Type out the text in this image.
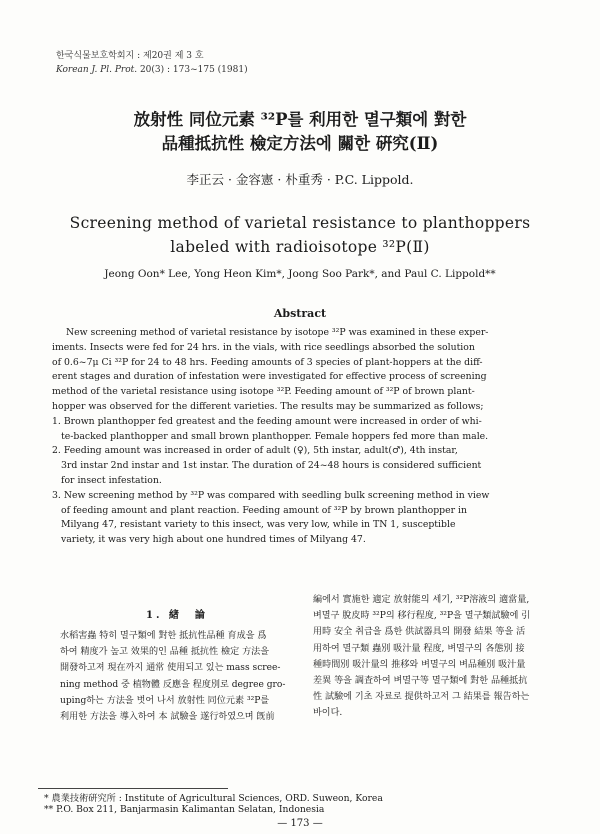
한국식물보호학회지 : 제20권 제 3 호
Korean J. Pl. Prot. 20(3) : 173~175 (1981)
放射性 同位元素 ³²P를 利用한 멸구類에 對한
品種抵抗性 檢定方法에 關한 硏究(Ⅱ)
李正云 · 金容憲 · 朴重秀 · P.C. Lippold.
Screening method of varietal resistance to planthoppers
labeled with radioisotope ³²P(Ⅱ)
Jeong Oon* Lee, Yong Heon Kim*, Joong Soo Park*, and Paul C. Lippold**
Abstract
New screening method of varietal resistance by isotope ³²P was examined in these exper-
iments. Insects were fed for 24 hrs. in the vials, with rice seedlings absorbed the solution
of 0.6~7μ Ci ³²P for 24 to 48 hrs. Feeding amounts of 3 species of plant-hoppers at the diff-
erent stages and duration of infestation were investigated for effective process of screening
method of the varietal resistance using isotope ³²P. Feeding amount of ³²P of brown plant-
hopper was observed for the different varieties. The results may be summarized as follows;
1. Brown planthopper fed greatest and the feeding amount were increased in order of whi-
te-backed planthopper and small brown planthopper. Female hoppers fed more than male.
2. Feeding amount was increased in order of adult (♀), 5th instar, adult(♂), 4th instar,
3rd instar 2nd instar and 1st instar. The duration of 24~48 hours is considered sufficient
for insect infestation.
3. New screening method by ³²P was compared with seedling bulk screening method in view
of feeding amount and plant reaction. Feeding amount of ³²P by brown planthopper in
Milyang 47, resistant variety to this insect, was very low, while in TN 1, susceptible
variety, it was very high about one hundred times of Milyang 47.
1. 緖　論
水稻害蟲 特히 멸구類에 對한 抵抗性品種 育成을 爲
하여 精度가 높고 效果的인 品種 抵抗性 檢定 方法을
開發하고져 現在까지 通常 使用되고 있는 mass scree-
ning method 중 植物體 反應을 程度別로 degree gro-
uping하는 方法을 벗어 나서 放射性 同位元素 ³²P를
利用한 方法을 導入하여 本 試驗을 遂行하였으며 旣前
編에서 實施한 適定 放射能의 세기, ³²P溶液의 適當量,
벼멸구 脫皮時 ³²P의 移行程度, ³²P을 멸구類試驗에 引
用時 安全 취급을 爲한 供試器具의 開發 結果 等을 活
用하여 멸구類 蟲別 吸汁量 程度, 벼멸구의 各態別 接
種時間別 吸汁量의 推移와 벼멸구의 벼品種別 吸汁量
差異 等을 調査하여 벼멸구等 멸구類에 對한 品種抵抗
性 試驗에 기초 자료로 提供하고저 그 結果를 報告하는
바이다.
* 農業技術硏究所 : Institute of Agricultural Sciences, ORD. Suweon, Korea
** P.O. Box 211, Banjarmasin Kalimantan Selatan, Indonesia
— 173 —
